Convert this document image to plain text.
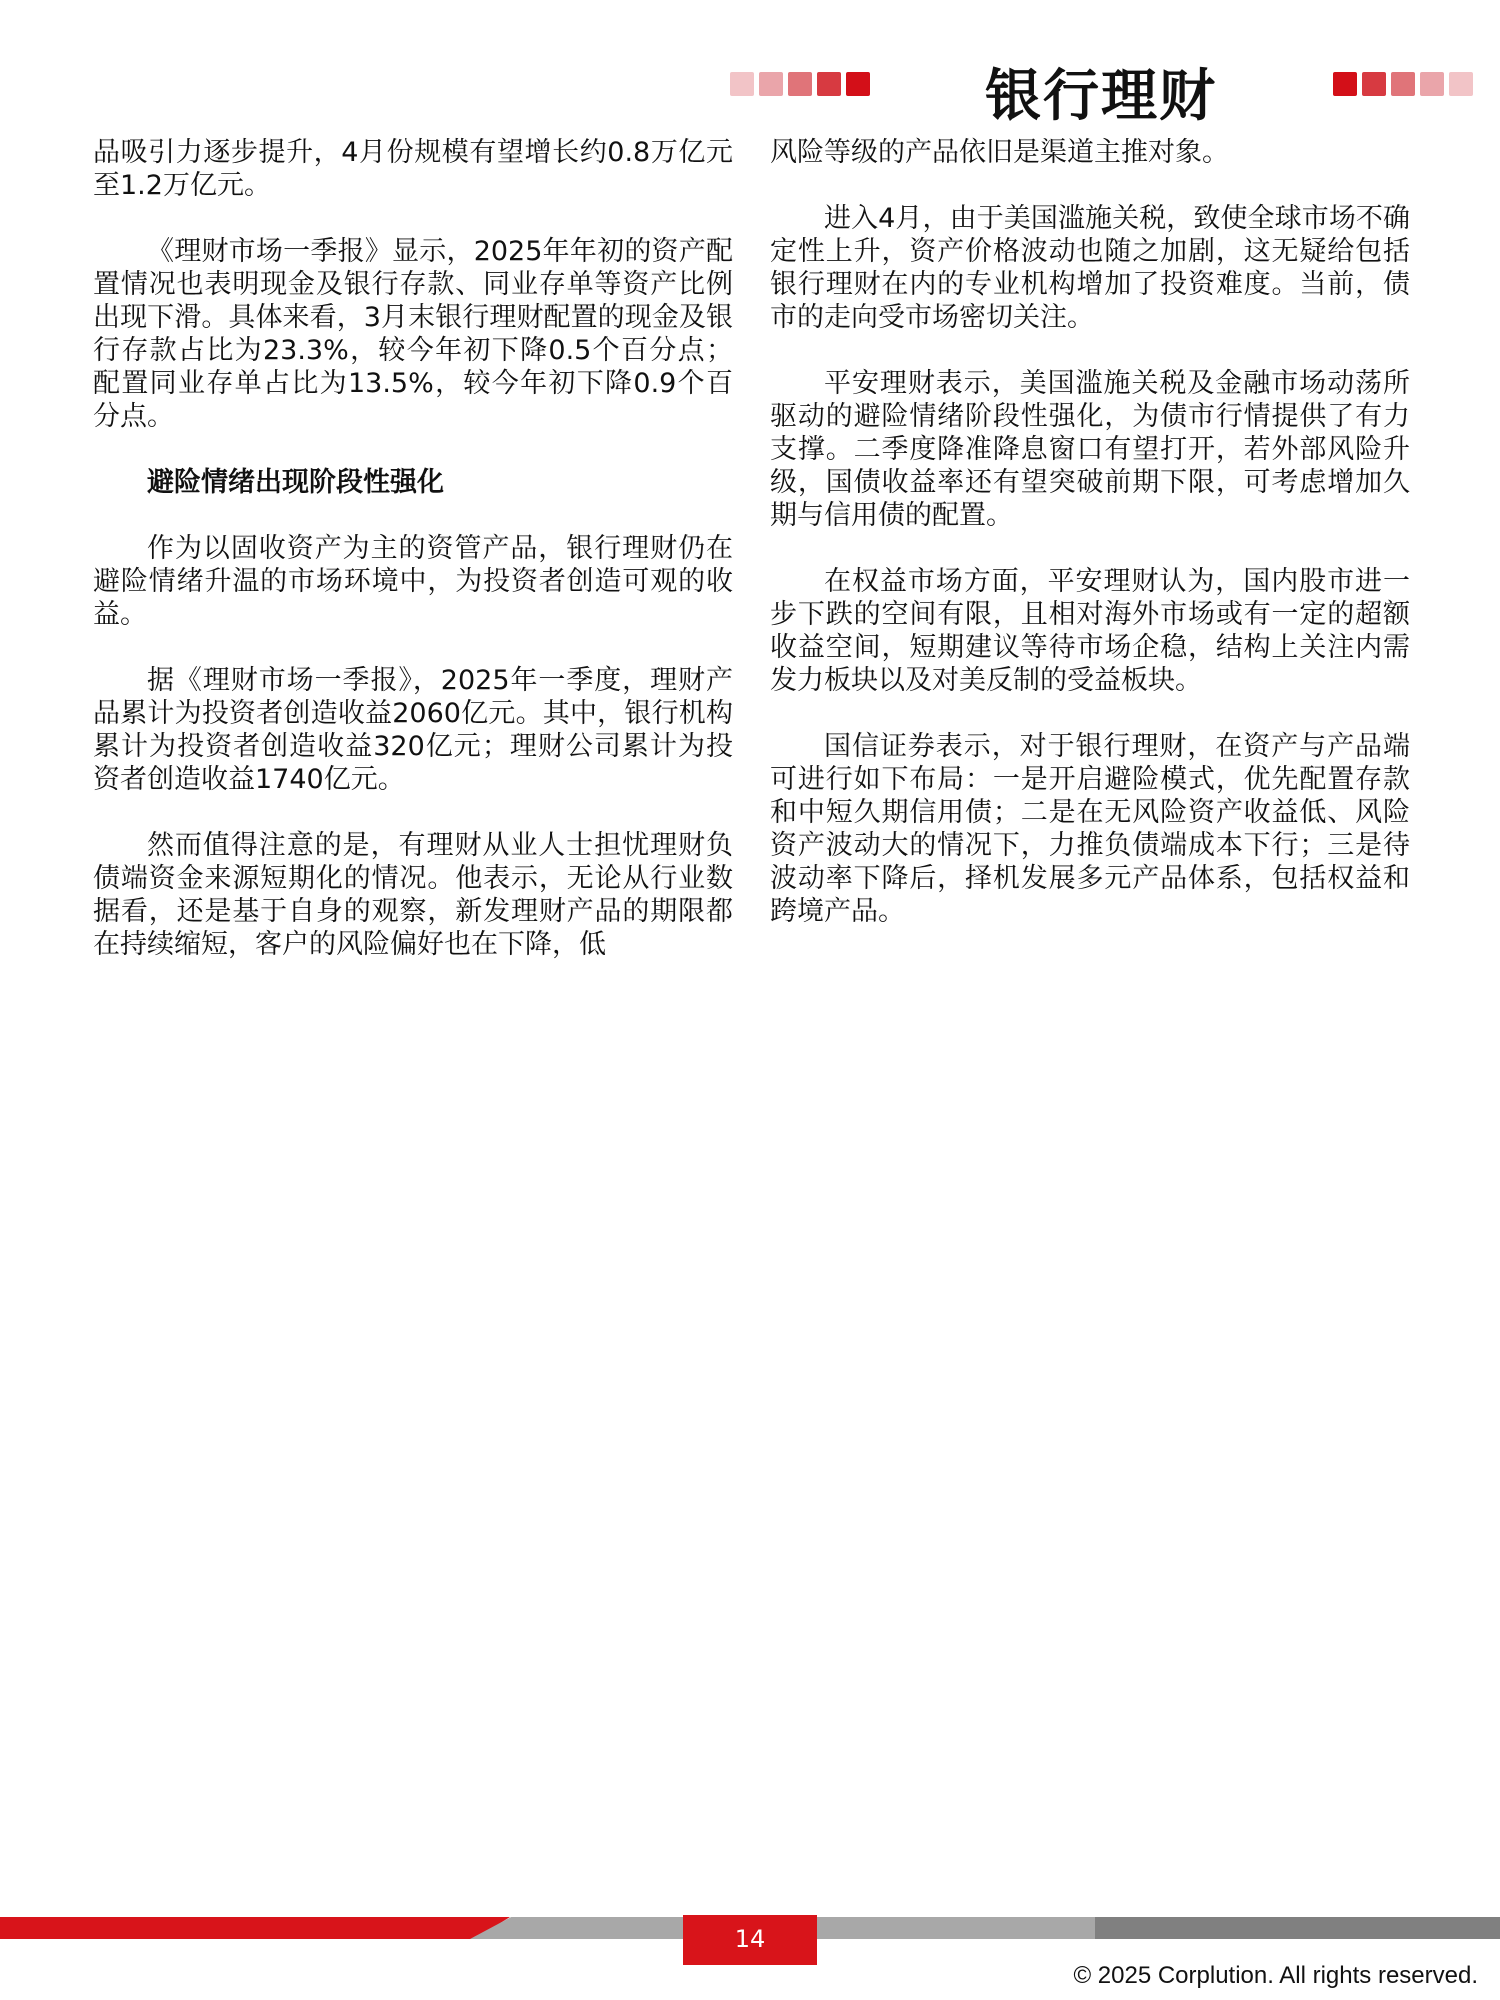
银行理财

品吸引力逐步提升，4月份规模有望增长约0.8万亿元至1.2万亿元。

《理财市场一季报》显示，2025年年初的资产配置情况也表明现金及银行存款、同业存单等资产比例出现下滑。具体来看，3月末银行理财配置的现金及银行存款占比为23.3%，较今年初下降0.5个百分点；配置同业存单占比为13.5%，较今年初下降0.9个百分点。

避险情绪出现阶段性强化

作为以固收资产为主的资管产品，银行理财仍在避险情绪升温的市场环境中，为投资者创造可观的收益。

据《理财市场一季报》，2025年一季度，理财产品累计为投资者创造收益2060亿元。其中，银行机构累计为投资者创造收益320亿元；理财公司累计为投资者创造收益1740亿元。

然而值得注意的是，有理财从业人士担忧理财负债端资金来源短期化的情况。他表示，无论从行业数据看，还是基于自身的观察，新发理财产品的期限都在持续缩短，客户的风险偏好也在下降，低

风险等级的产品依旧是渠道主推对象。

进入4月，由于美国滥施关税，致使全球市场不确定性上升，资产价格波动也随之加剧，这无疑给包括银行理财在内的专业机构增加了投资难度。当前，债市的走向受市场密切关注。

平安理财表示，美国滥施关税及金融市场动荡所驱动的避险情绪阶段性强化，为债市行情提供了有力支撑。二季度降准降息窗口有望打开，若外部风险升级，国债收益率还有望突破前期下限，可考虑增加久期与信用债的配置。

在权益市场方面，平安理财认为，国内股市进一步下跌的空间有限，且相对海外市场或有一定的超额收益空间，短期建议等待市场企稳，结构上关注内需发力板块以及对美反制的受益板块。

国信证券表示，对于银行理财，在资产与产品端可进行如下布局：一是开启避险模式，优先配置存款和中短久期信用债；二是在无风险资产收益低、风险资产波动大的情况下，力推负债端成本下行；三是待波动率下降后，择机发展多元产品体系，包括权益和跨境产品。

14
© 2025 Corplution. All rights reserved.
